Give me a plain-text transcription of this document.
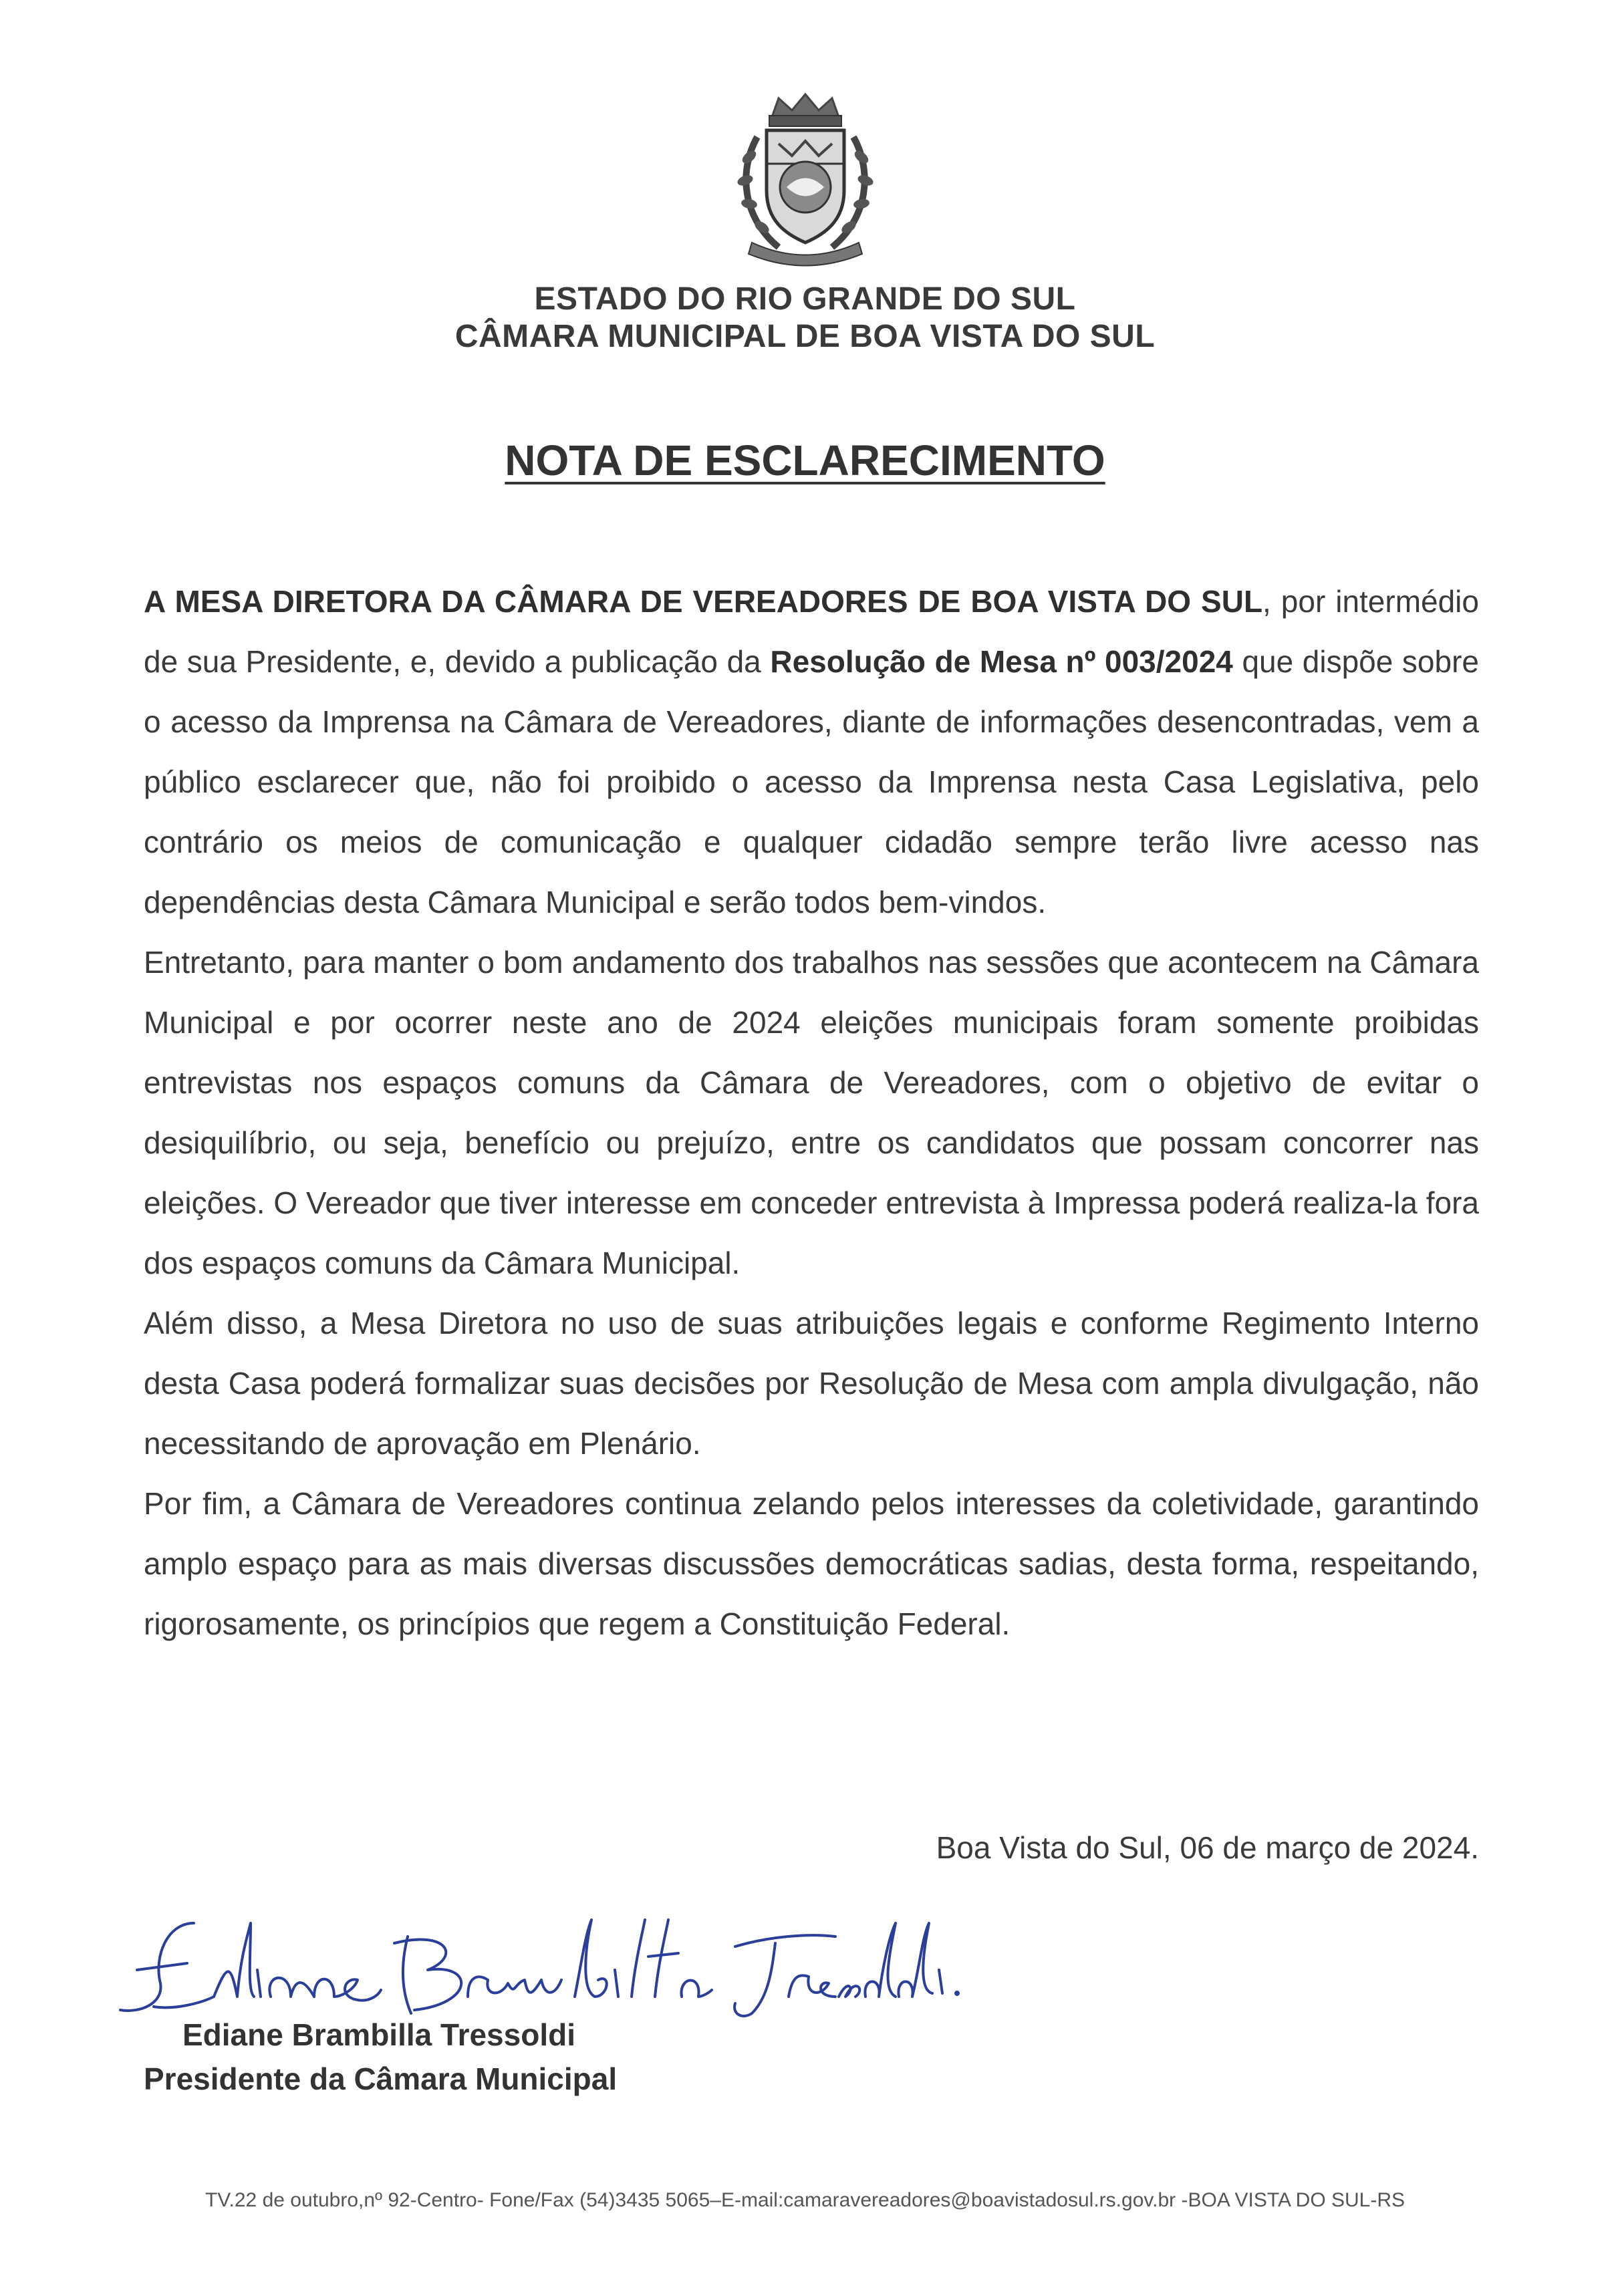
ESTADO DO RIO GRANDE DO SUL
CÂMARA MUNICIPAL DE BOA VISTA DO SUL
NOTA DE ESCLARECIMENTO

A MESA DIRETORA DA CÂMARA DE VEREADORES DE BOA VISTA DO SUL, por intermédio de sua Presidente, e, devido a publicação da Resolução de Mesa nº 003/2024 que dispõe sobre o acesso da Imprensa na Câmara de Vereadores, diante de informações desencontradas, vem a público esclarecer que, não foi proibido o acesso da Imprensa nesta Casa Legislativa, pelo contrário os meios de comunicação e qualquer cidadão sempre terão livre acesso nas dependências desta Câmara Municipal e serão todos bem-vindos.

Entretanto, para manter o bom andamento dos trabalhos nas sessões que acontecem na Câmara Municipal e por ocorrer neste ano de 2024 eleições municipais foram somente proibidas entrevistas nos espaços comuns da Câmara de Vereadores, com o objetivo de evitar o desiquilíbrio, ou seja, benefício ou prejuízo, entre os candidatos que possam concorrer nas eleições. O Vereador que tiver interesse em conceder entrevista à Impressa poderá realiza-la fora dos espaços comuns da Câmara Municipal.

Além disso, a Mesa Diretora no uso de suas atribuições legais e conforme Regimento Interno desta Casa poderá formalizar suas decisões por Resolução de Mesa com ampla divulgação, não necessitando de aprovação em Plenário.

Por fim, a Câmara de Vereadores continua zelando pelos interesses da coletividade, garantindo amplo espaço para as mais diversas discussões democráticas sadias, desta forma, respeitando, rigorosamente, os princípios que regem a Constituição Federal.

Boa Vista do Sul, 06 de março de 2024.
Ediane Brambilla Tressoldi
Presidente da Câmara Municipal
TV.22 de outubro,nº 92-Centro- Fone/Fax (54)3435 5065–E-mail:camaravereadores@boavistadosul.rs.gov.br -BOA VISTA DO SUL-RS
